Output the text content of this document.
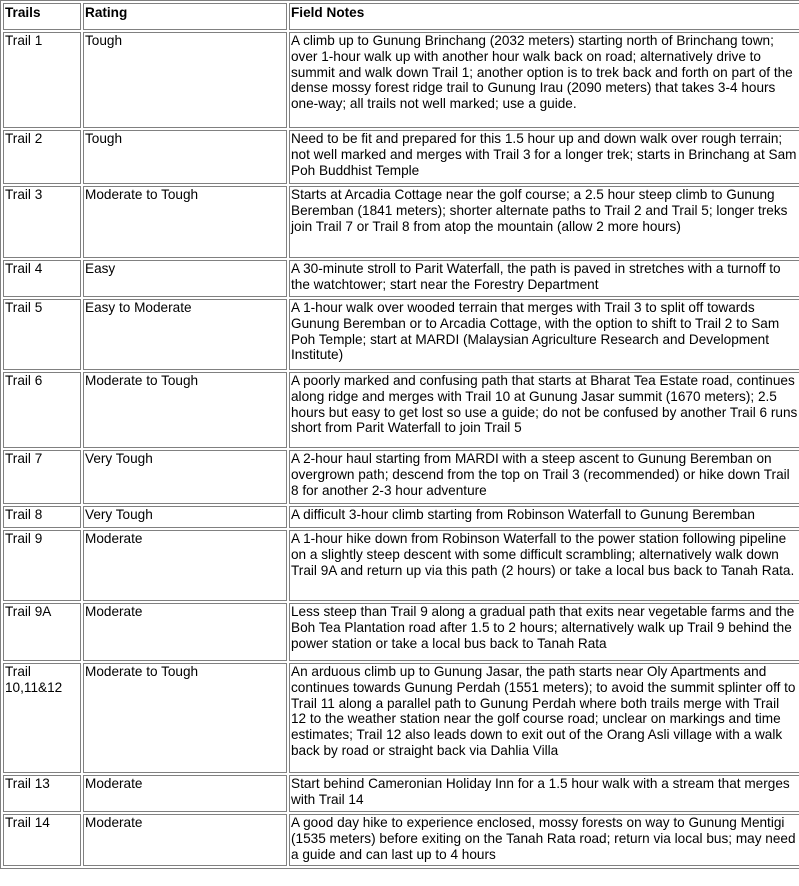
Trails	Rating	Field Notes
Trail 1	Tough	A climb up to Gunung Brinchang (2032 meters) starting north of Brinchang town; over 1-hour walk up with another hour walk back on road; alternatively drive to summit and walk down Trail 1; another option is to trek back and forth on part of the dense mossy forest ridge trail to Gunung Irau (2090 meters) that takes 3-4 hours one-way; all trails not well marked; use a guide.
Trail 2	Tough	Need to be fit and prepared for this 1.5 hour up and down walk over rough terrain; not well marked and merges with Trail 3 for a longer trek; starts in Brinchang at Sam Poh Buddhist Temple
Trail 3	Moderate to Tough	Starts at Arcadia Cottage near the golf course; a 2.5 hour steep climb to Gunung Beremban (1841 meters); shorter alternate paths to Trail 2 and Trail 5; longer treks join Trail 7 or Trail 8 from atop the mountain (allow 2 more hours)
Trail 4	Easy	A 30-minute stroll to Parit Waterfall, the path is paved in stretches with a turnoff to the watchtower; start near the Forestry Department
Trail 5	Easy to Moderate	A 1-hour walk over wooded terrain that merges with Trail 3 to split off towards Gunung Beremban or to Arcadia Cottage, with the option to shift to Trail 2 to Sam Poh Temple; start at MARDI (Malaysian Agriculture Research and Development Institute)
Trail 6	Moderate to Tough	A poorly marked and confusing path that starts at Bharat Tea Estate road, continues along ridge and merges with Trail 10 at Gunung Jasar summit (1670 meters); 2.5 hours but easy to get lost so use a guide; do not be confused by another Trail 6 runs short from Parit Waterfall to join Trail 5
Trail 7	Very Tough	A 2-hour haul starting from MARDI with a steep ascent to Gunung Beremban on overgrown path; descend from the top on Trail 3 (recommended) or hike down Trail 8 for another 2-3 hour adventure
Trail 8	Very Tough	A difficult 3-hour climb starting from Robinson Waterfall to Gunung Beremban
Trail 9	Moderate	A 1-hour hike down from Robinson Waterfall to the power station following pipeline on a slightly steep descent with some difficult scrambling; alternatively walk down Trail 9A and return up via this path (2 hours) or take a local bus back to Tanah Rata.
Trail 9A	Moderate	Less steep than Trail 9 along a gradual path that exits near vegetable farms and the Boh Tea Plantation road after 1.5 to 2 hours; alternatively walk up Trail 9 behind the power station or take a local bus back to Tanah Rata
Trail 10,11&12	Moderate to Tough	An arduous climb up to Gunung Jasar, the path starts near Oly Apartments and continues towards Gunung Perdah (1551 meters); to avoid the summit splinter off to Trail 11 along a parallel path to Gunung Perdah where both trails merge with Trail 12 to the weather station near the golf course road; unclear on markings and time estimates; Trail 12 also leads down to exit out of the Orang Asli village with a walk back by road or straight back via Dahlia Villa
Trail 13	Moderate	Start behind Cameronian Holiday Inn for a 1.5 hour walk with a stream that merges with Trail 14
Trail 14	Moderate	A good day hike to experience enclosed, mossy forests on way to Gunung Mentigi (1535 meters) before exiting on the Tanah Rata road; return via local bus; may need a guide and can last up to 4 hours
